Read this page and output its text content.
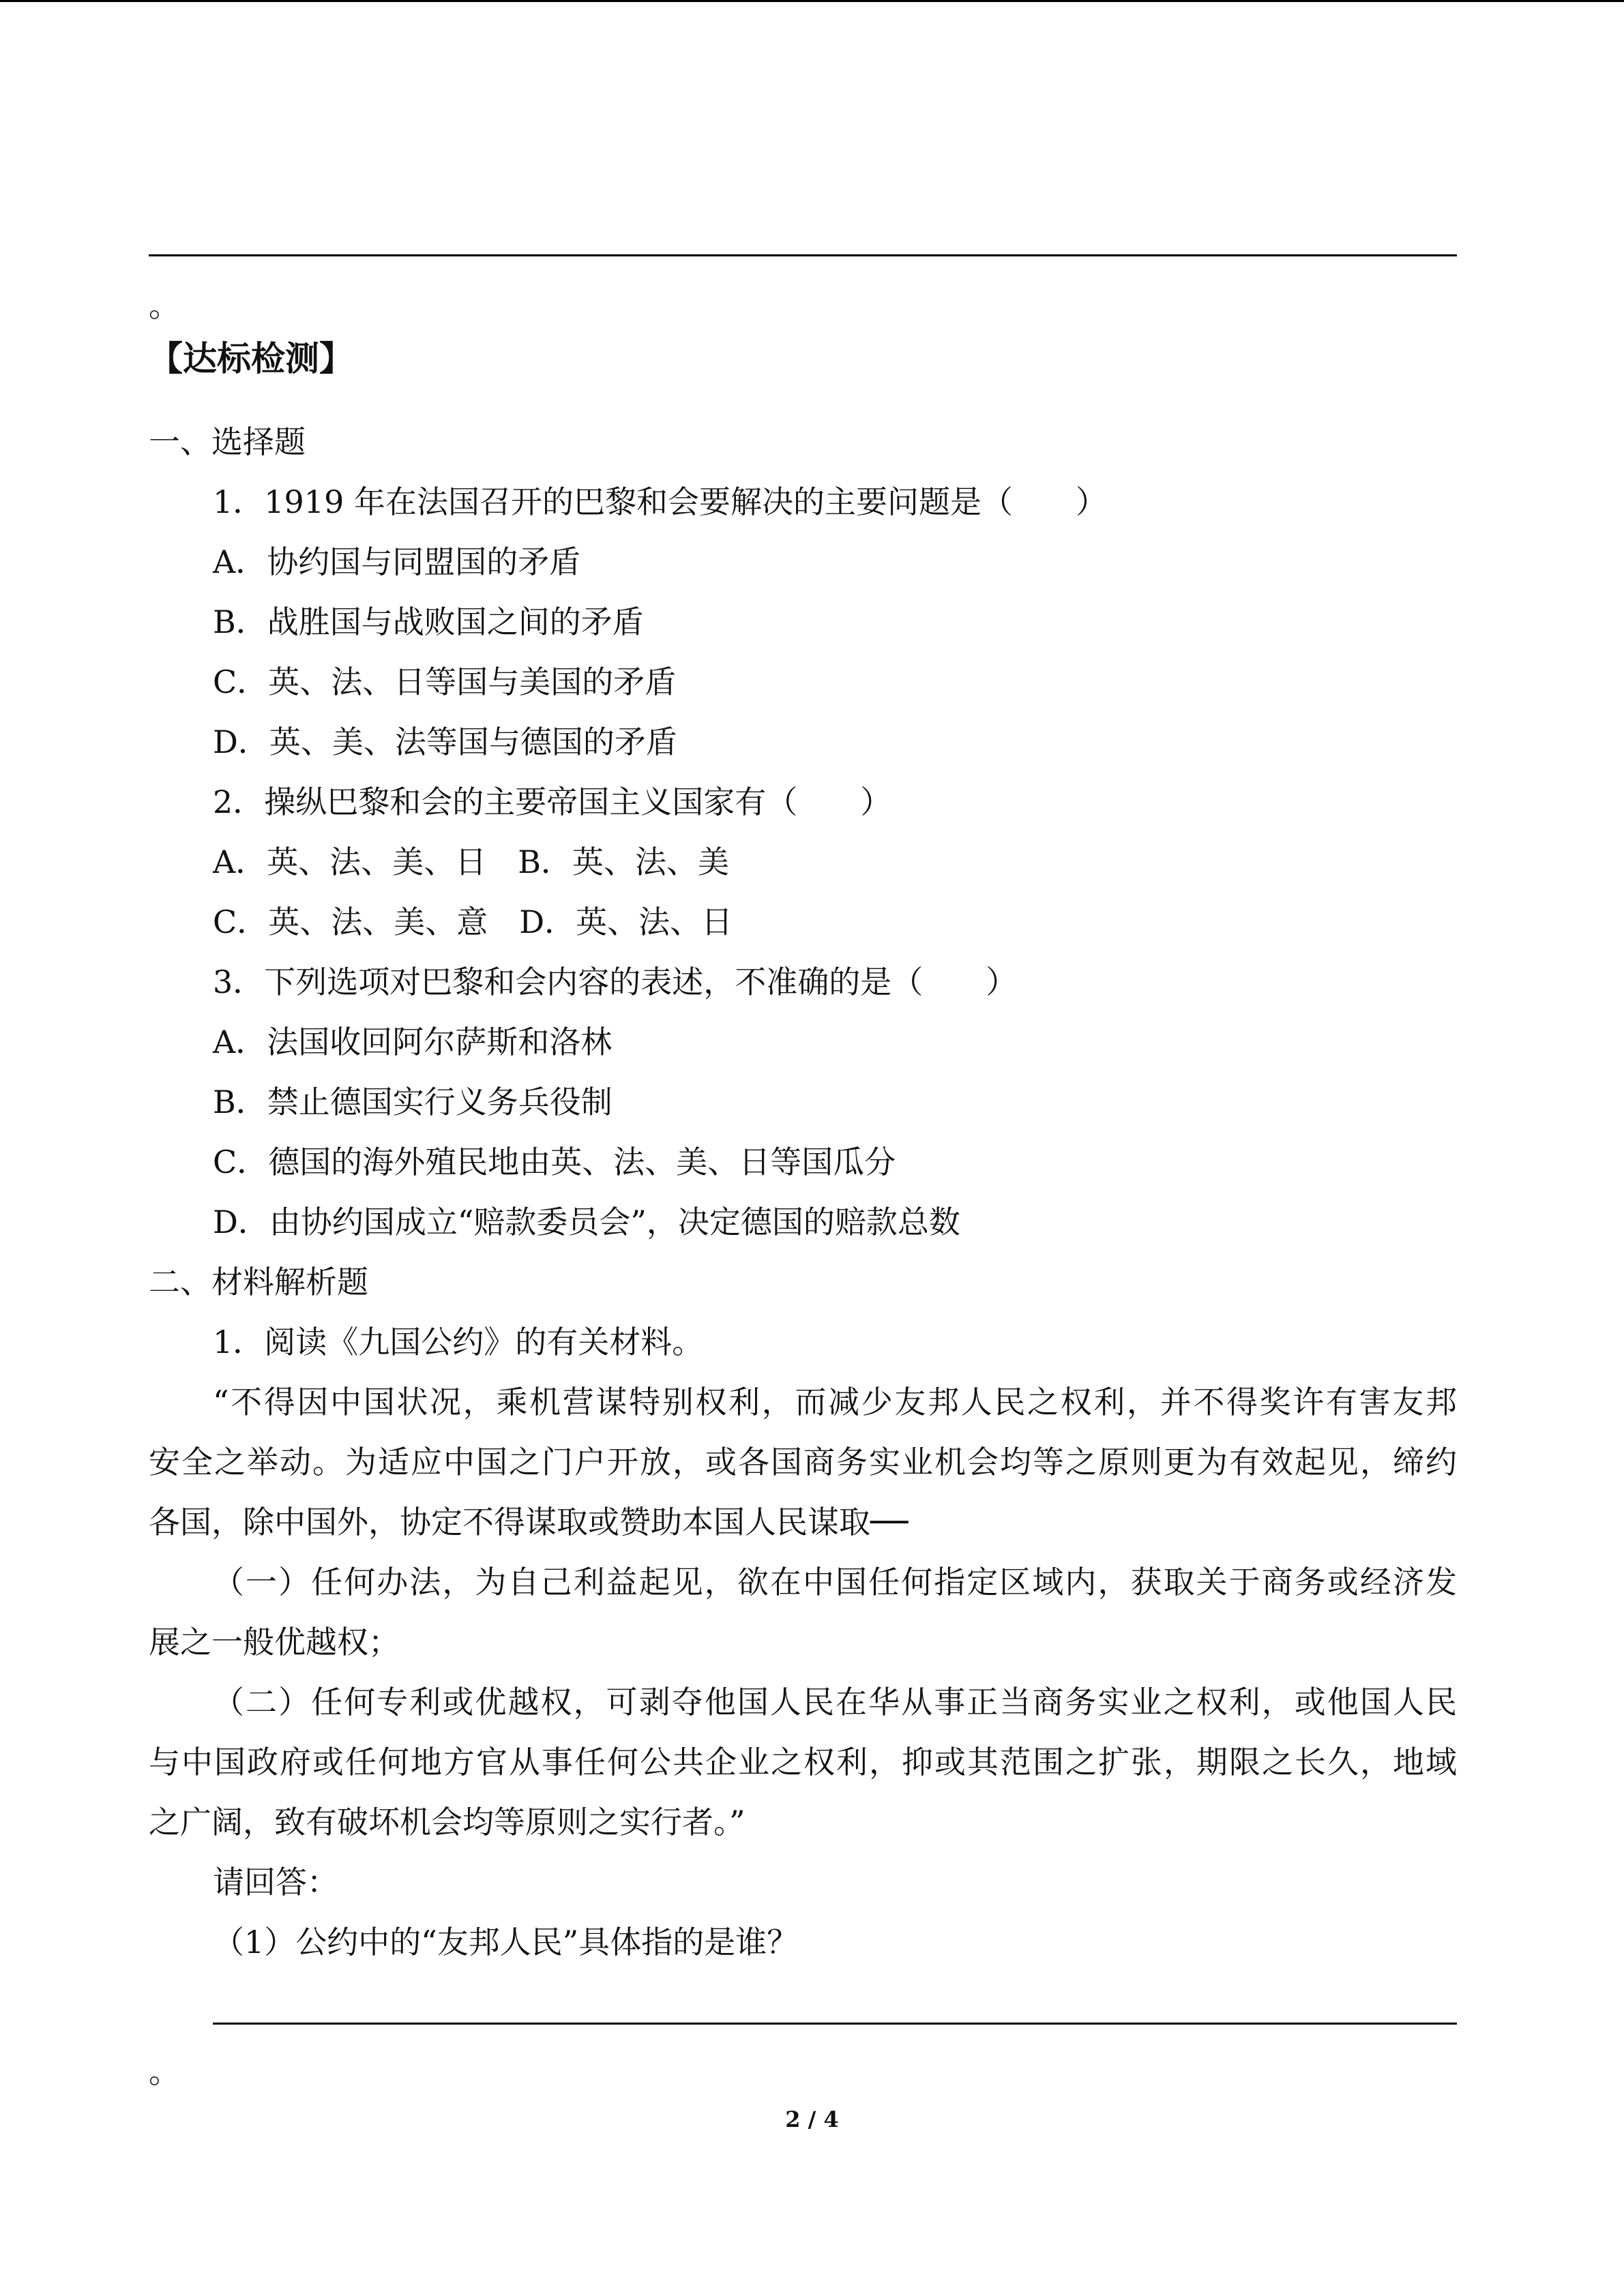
。
【达标检测】
一、选择题
1．1919 年在法国召开的巴黎和会要解决的主要问题是（　　）
A．协约国与同盟国的矛盾
B．战胜国与战败国之间的矛盾
C．英、法、日等国与美国的矛盾
D．英、美、法等国与德国的矛盾
2．操纵巴黎和会的主要帝国主义国家有（　　）
A．英、法、美、日　B．英、法、美
C．英、法、美、意　D．英、法、日
3．下列选项对巴黎和会内容的表述，不准确的是（　　）
A．法国收回阿尔萨斯和洛林
B．禁止德国实行义务兵役制
C．德国的海外殖民地由英、法、美、日等国瓜分
D．由协约国成立“赔款委员会”，决定德国的赔款总数
二、材料解析题
1．阅读《九国公约》的有关材料。
“不得因中国状况，乘机营谋特别权利，而减少友邦人民之权利，并不得奖许有害友邦
安全之举动。为适应中国之门户开放，或各国商务实业机会均等之原则更为有效起见，缔约
各国，除中国外，协定不得谋取或赞助本国人民谋取──
（一）任何办法，为自己利益起见，欲在中国任何指定区域内，获取关于商务或经济发
展之一般优越权；
（二）任何专利或优越权，可剥夺他国人民在华从事正当商务实业之权利，或他国人民
与中国政府或任何地方官从事任何公共企业之权利，抑或其范围之扩张，期限之长久，地域
之广阔，致有破坏机会均等原则之实行者。”
请回答：
（1）公约中的“友邦人民”具体指的是谁？
。
2 / 4
